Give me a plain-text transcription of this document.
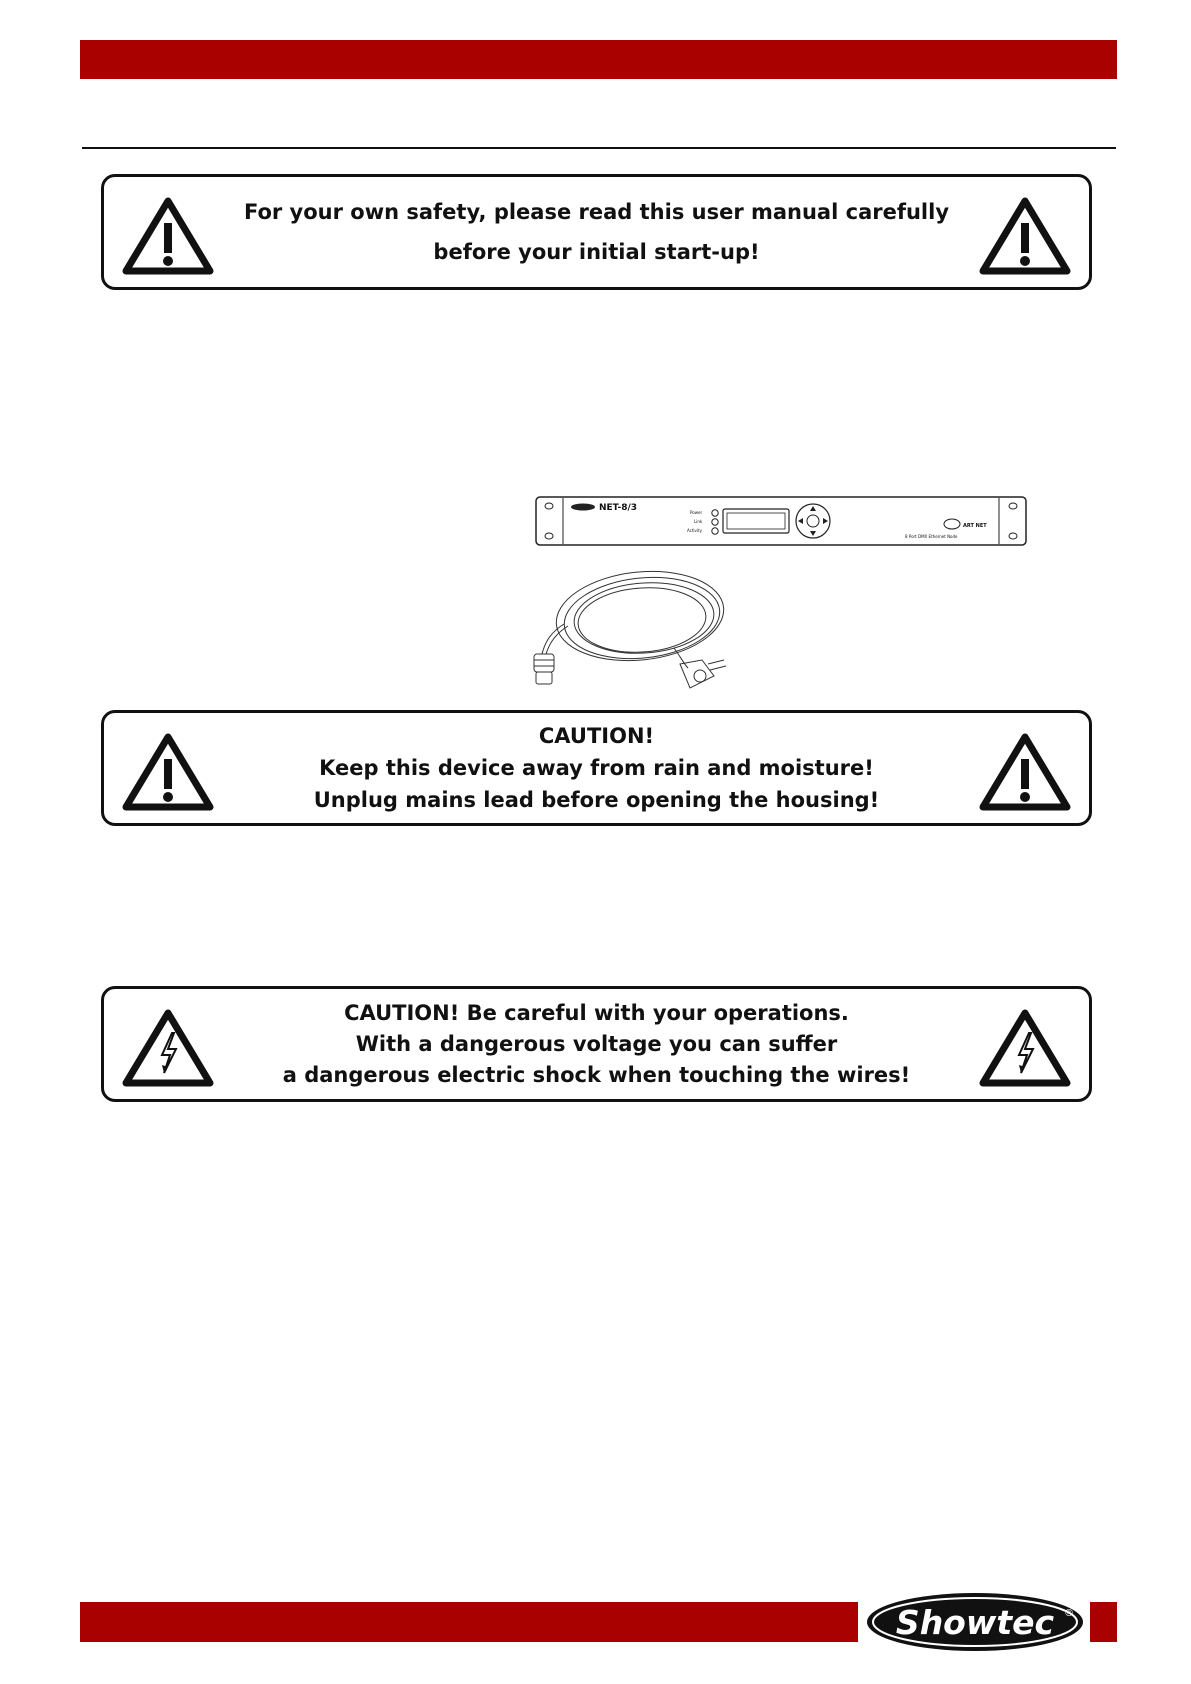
For your own safety, please read this user manual carefully
before your initial start-up!
NET-8/3	Power
Link
Activity
8 Port DMX Ethernet Node
ART NET
CAUTION!
Keep this device away from rain and moisture!
Unplug mains lead before opening the housing!
CAUTION! Be careful with your operations.
With a dangerous voltage you can suffer
a dangerous electric shock when touching the wires!
Showtec ®
